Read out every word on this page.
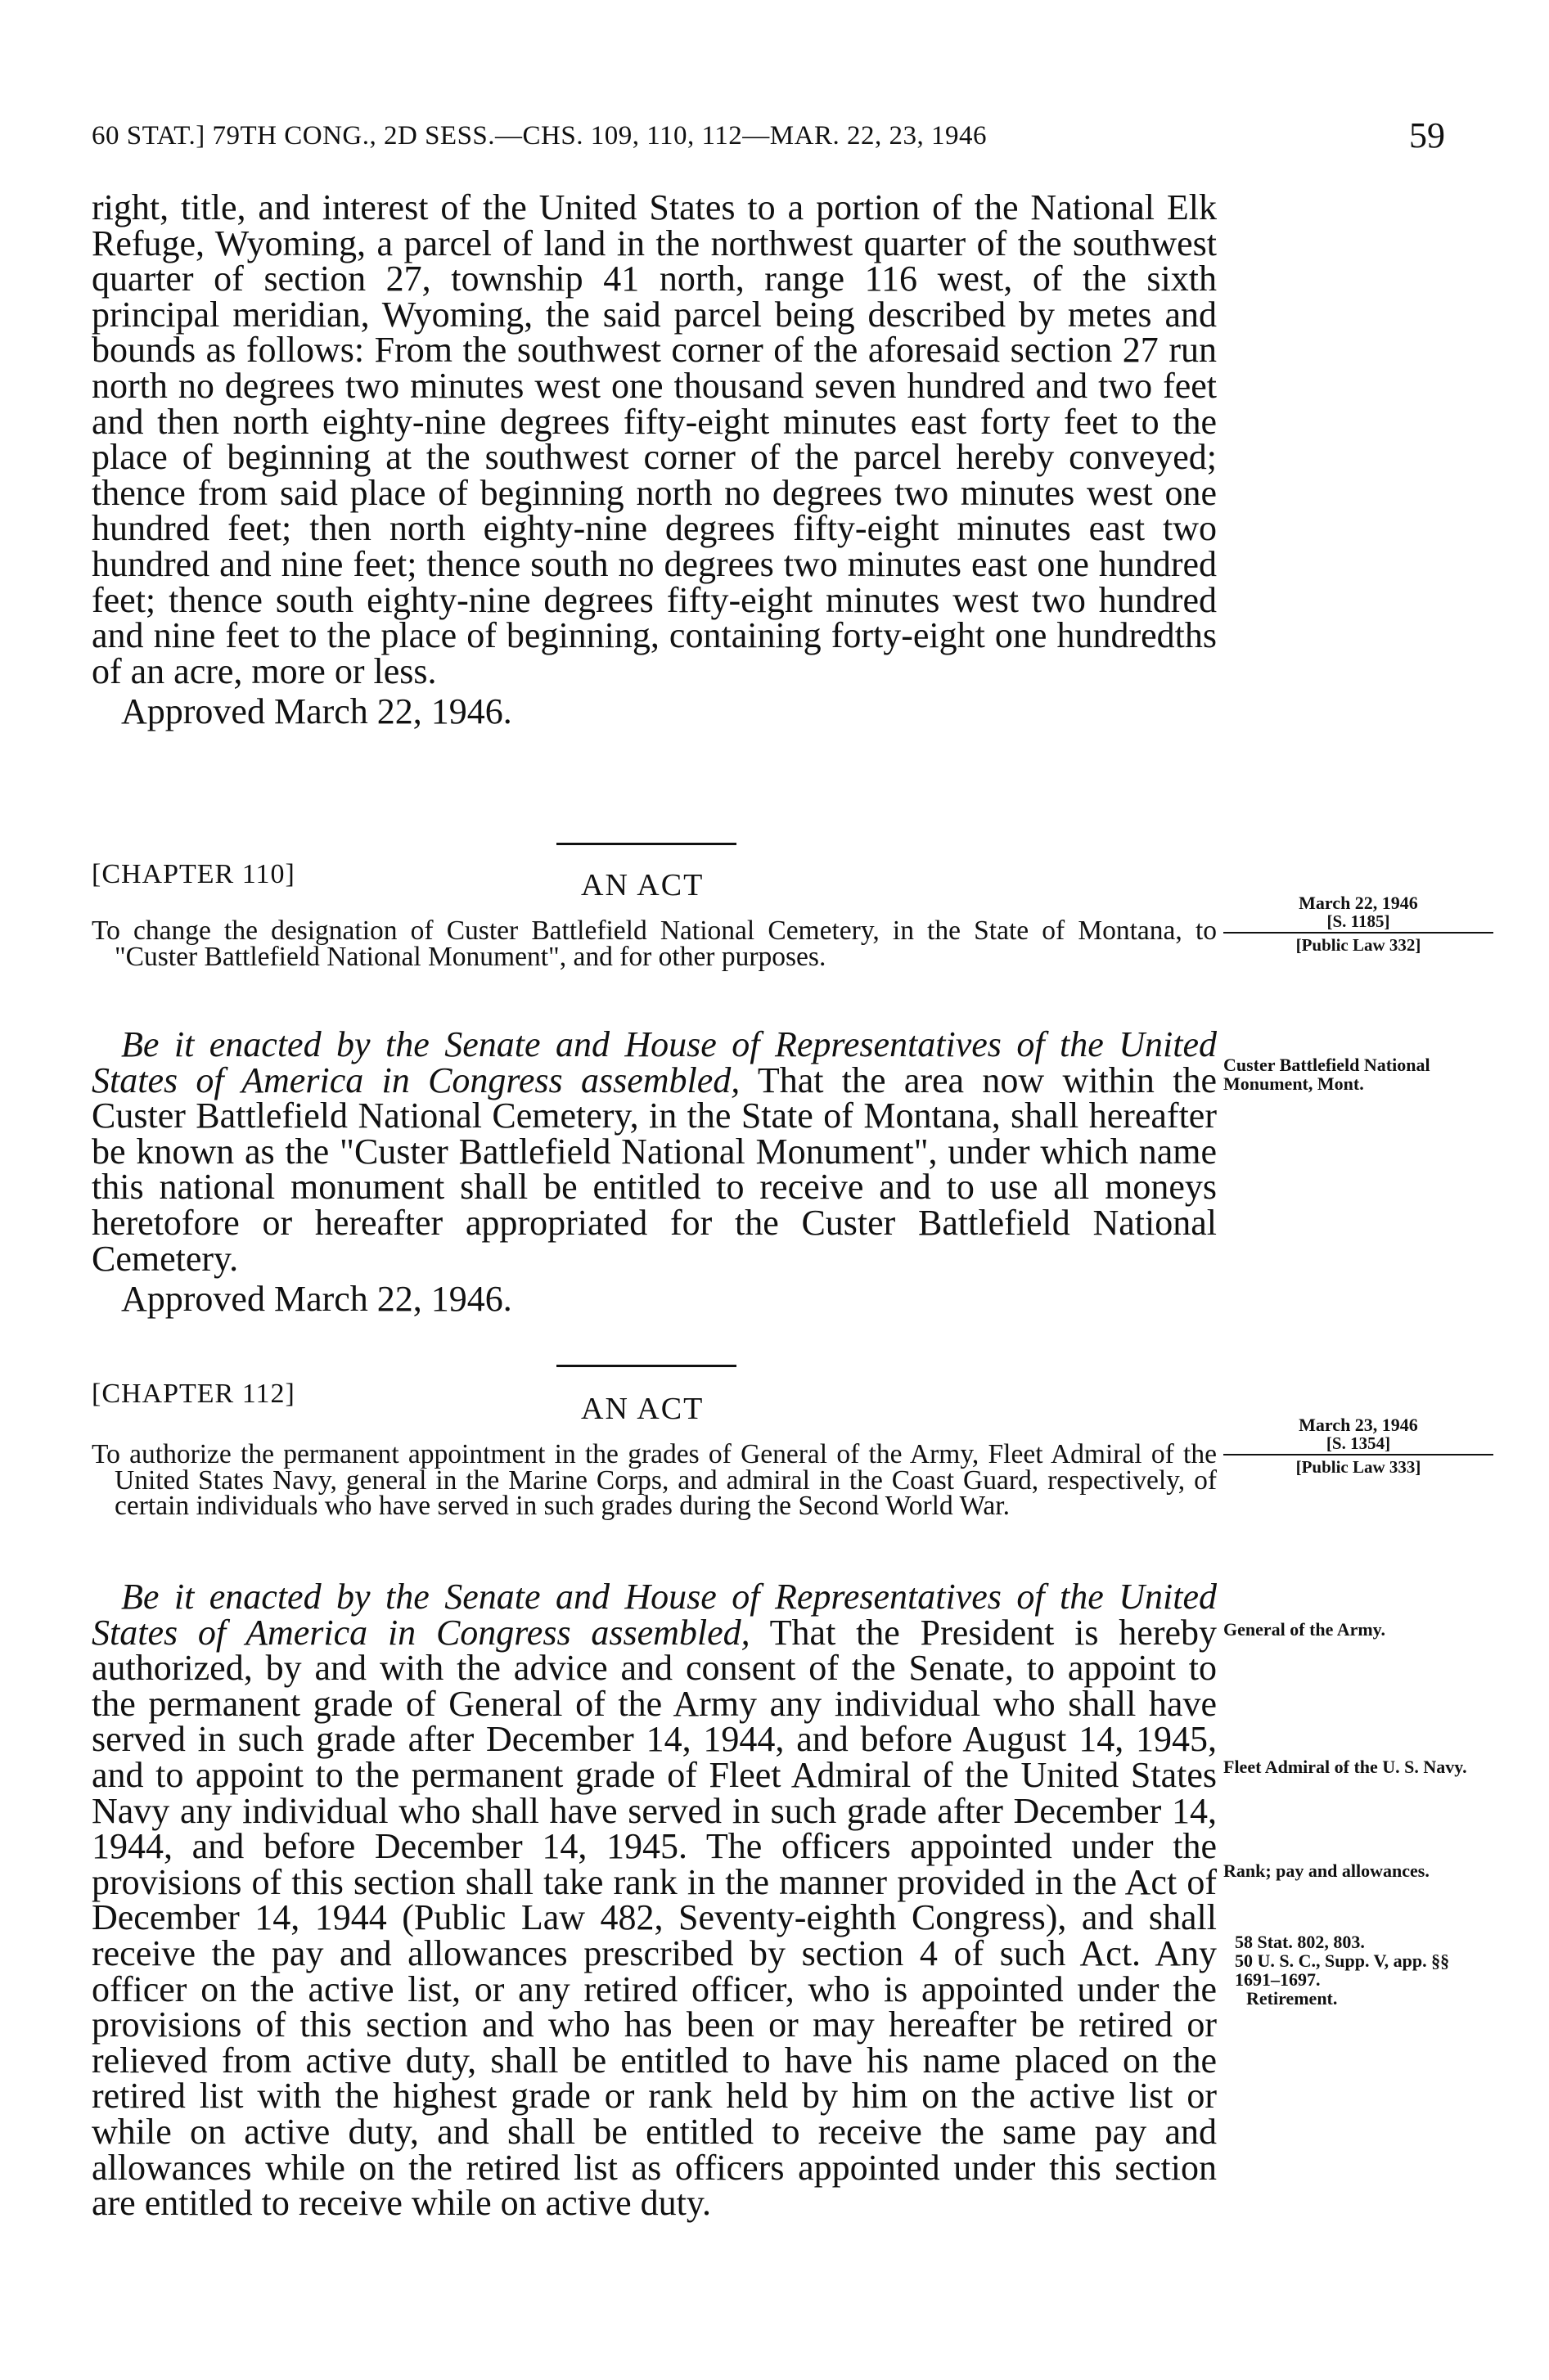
60 STAT.] 79TH CONG., 2D SESS.—CHS. 109, 110, 112—MAR. 22, 23, 1946	59

right, title, and interest of the United States to a portion of the National Elk Refuge, Wyoming, a parcel of land in the northwest quarter of the southwest quarter of section 27, township 41 north, range 116 west, of the sixth principal meridian, Wyoming, the said parcel being described by metes and bounds as follows: From the southwest corner of the aforesaid section 27 run north no degrees two minutes west one thousand seven hundred and two feet and then north eighty-nine degrees fifty-eight minutes east forty feet to the place of beginning at the southwest corner of the parcel hereby conveyed; thence from said place of beginning north no degrees two minutes west one hundred feet; then north eighty-nine degrees fifty-eight minutes east two hundred and nine feet; thence south no degrees two minutes east one hundred feet; thence south eighty-nine degrees fifty-eight minutes west two hundred and nine feet to the place of beginning, containing forty-eight one hundredths of an acre, more or less.

Approved March 22, 1946.
[CHAPTER 110]	AN ACT

To change the designation of Custer Battlefield National Cemetery, in the State of Montana, to "Custer Battlefield National Monument", and for other purposes.

Be it enacted by the Senate and House of Representatives of the United States of America in Congress assembled, That the area now within the Custer Battlefield National Cemetery, in the State of Montana, shall hereafter be known as the "Custer Battlefield National Monument", under which name this national monument shall be entitled to receive and to use all moneys heretofore or hereafter appropriated for the Custer Battlefield National Cemetery.

Approved March 22, 1946.
March 22, 1946
[S. 1185]
[Public Law 332]
Custer Battlefield National Monument, Mont.
[CHAPTER 112]	AN ACT

To authorize the permanent appointment in the grades of General of the Army, Fleet Admiral of the United States Navy, general in the Marine Corps, and admiral in the Coast Guard, respectively, of certain individuals who have served in such grades during the Second World War.

Be it enacted by the Senate and House of Representatives of the United States of America in Congress assembled, That the President is hereby authorized, by and with the advice and consent of the Senate, to appoint to the permanent grade of General of the Army any individual who shall have served in such grade after December 14, 1944, and before August 14, 1945, and to appoint to the permanent grade of Fleet Admiral of the United States Navy any individual who shall have served in such grade after December 14, 1944, and before December 14, 1945. The officers appointed under the provisions of this section shall take rank in the manner provided in the Act of December 14, 1944 (Public Law 482, Seventy-eighth Congress), and shall receive the pay and allowances prescribed by section 4 of such Act. Any officer on the active list, or any retired officer, who is appointed under the provisions of this section and who has been or may hereafter be retired or relieved from active duty, shall be entitled to have his name placed on the retired list with the highest grade or rank held by him on the active list or while on active duty, and shall be entitled to receive the same pay and allowances while on the retired list as officers appointed under this section are entitled to receive while on active duty.

March 23, 1946
[S. 1354]
[Public Law 333]
General of the Army.
Fleet Admiral of the U. S. Navy.
Rank; pay and allowances.
58 Stat. 802, 803.
50 U. S. C., Supp. V, app. §§ 1691–1697.
Retirement.
